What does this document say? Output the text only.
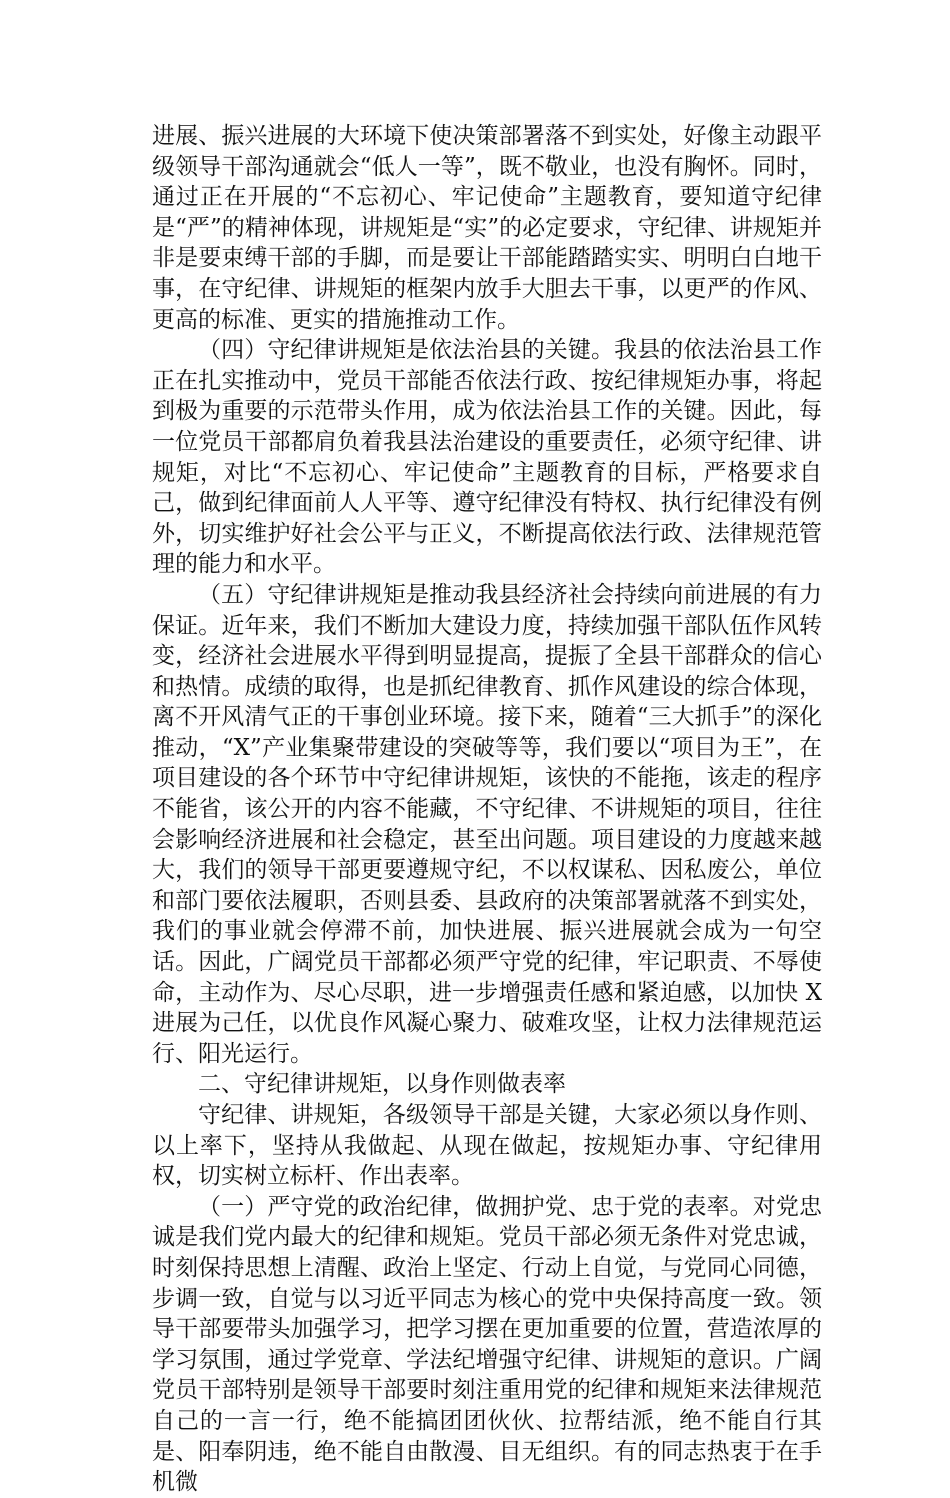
进展、振兴进展的大环境下使决策部署落不到实处，好像主动跟平级领导干部沟通就会“低人一等”，既不敬业，也没有胸怀。同时，通过正在开展的“不忘初心、牢记使命”主题教育，要知道守纪律是“严”的精神体现，讲规矩是“实”的必定要求，守纪律、讲规矩并非是要束缚干部的手脚，而是要让干部能踏踏实实、明明白白地干事，在守纪律、讲规矩的框架内放手大胆去干事，以更严的作风、更高的标准、更实的措施推动工作。

（四）守纪律讲规矩是依法治县的关键。我县的依法治县工作正在扎实推动中，党员干部能否依法行政、按纪律规矩办事，将起到极为重要的示范带头作用，成为依法治县工作的关键。因此，每一位党员干部都肩负着我县法治建设的重要责任，必须守纪律、讲规矩，对比“不忘初心、牢记使命”主题教育的目标，严格要求自己，做到纪律面前人人平等、遵守纪律没有特权、执行纪律没有例外，切实维护好社会公平与正义，不断提高依法行政、法律规范管理的能力和水平。

（五）守纪律讲规矩是推动我县经济社会持续向前进展的有力保证。近年来，我们不断加大建设力度，持续加强干部队伍作风转变，经济社会进展水平得到明显提高，提振了全县干部群众的信心和热情。成绩的取得，也是抓纪律教育、抓作风建设的综合体现，离不开风清气正的干事创业环境。接下来，随着“三大抓手”的深化推动，“X”产业集聚带建设的突破等等，我们要以“项目为王”，在项目建设的各个环节中守纪律讲规矩，该快的不能拖，该走的程序不能省，该公开的内容不能藏，不守纪律、不讲规矩的项目，往往会影响经济进展和社会稳定，甚至出问题。项目建设的力度越来越大，我们的领导干部更要遵规守纪，不以权谋私、因私废公，单位和部门要依法履职，否则县委、县政府的决策部署就落不到实处，我们的事业就会停滞不前，加快进展、振兴进展就会成为一句空话。因此，广阔党员干部都必须严守党的纪律，牢记职责、不辱使命，主动作为、尽心尽职，进一步增强责任感和紧迫感，以加快 X 进展为己任，以优良作风凝心聚力、破难攻坚，让权力法律规范运行、阳光运行。

二、守纪律讲规矩，以身作则做表率

守纪律、讲规矩，各级领导干部是关键，大家必须以身作则、以上率下，坚持从我做起、从现在做起，按规矩办事、守纪律用权，切实树立标杆、作出表率。

（一）严守党的政治纪律，做拥护党、忠于党的表率。对党忠诚是我们党内最大的纪律和规矩。党员干部必须无条件对党忠诚，时刻保持思想上清醒、政治上坚定、行动上自觉，与党同心同德，步调一致，自觉与以习近平同志为核心的党中央保持高度一致。领导干部要带头加强学习，把学习摆在更加重要的位置，营造浓厚的学习氛围，通过学党章、学法纪增强守纪律、讲规矩的意识。广阔党员干部特别是领导干部要时刻注重用党的纪律和规矩来法律规范自己的一言一行，绝不能搞团团伙伙、拉帮结派，绝不能自行其是、阳奉阴违，绝不能自由散漫、目无组织。有的同志热衷于在手机微
